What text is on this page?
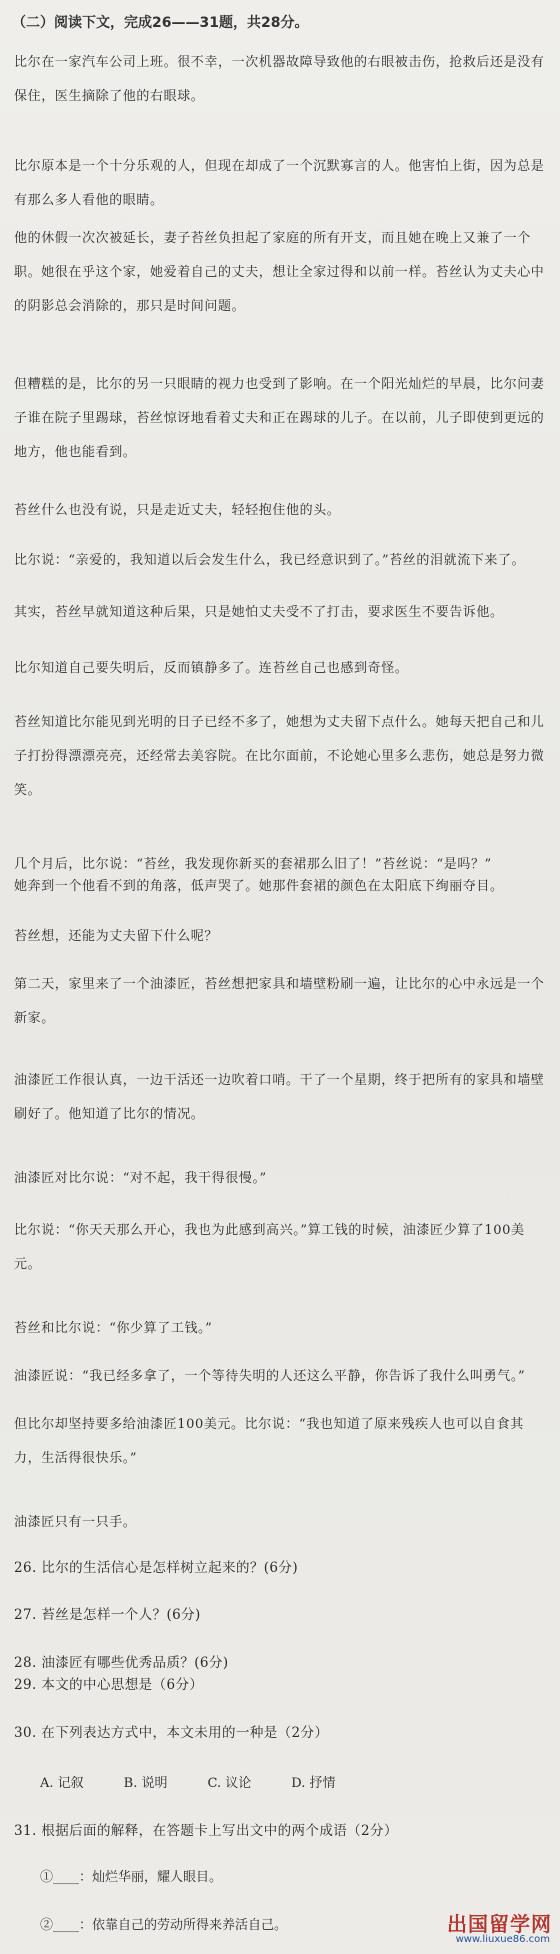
（二）阅读下文，完成26——31题，共28分。
比尔在一家汽车公司上班。很不幸，一次机器故障导致他的右眼被击伤，抢救后还是没有保住，医生摘除了他的右眼球。
比尔原本是一个十分乐观的人，但现在却成了一个沉默寡言的人。他害怕上街，因为总是有那么多人看他的眼睛。
他的休假一次次被延长，妻子苔丝负担起了家庭的所有开支，而且她在晚上又兼了一个职。她很在乎这个家，她爱着自己的丈夫，想让全家过得和以前一样。苔丝认为丈夫心中的阴影总会消除的，那只是时间问题。
但糟糕的是，比尔的另一只眼睛的视力也受到了影响。在一个阳光灿烂的早晨，比尔问妻子谁在院子里踢球，苔丝惊讶地看着丈夫和正在踢球的儿子。在以前，儿子即使到更远的地方，他也能看到。
苔丝什么也没有说，只是走近丈夫，轻轻抱住他的头。
比尔说：“亲爱的，我知道以后会发生什么，我已经意识到了。”苔丝的泪就流下来了。
其实，苔丝早就知道这种后果，只是她怕丈夫受不了打击，要求医生不要告诉他。
比尔知道自己要失明后，反而镇静多了。连苔丝自己也感到奇怪。
苔丝知道比尔能见到光明的日子已经不多了，她想为丈夫留下点什么。她每天把自己和儿子打扮得漂漂亮亮，还经常去美容院。在比尔面前，不论她心里多么悲伤，她总是努力微笑。
几个月后，比尔说：“苔丝，我发现你新买的套裙那么旧了！”苔丝说：“是吗？”
她奔到一个他看不到的角落，低声哭了。她那件套裙的颜色在太阳底下绚丽夺目。
苔丝想，还能为丈夫留下什么呢？
第二天，家里来了一个油漆匠，苔丝想把家具和墙壁粉刷一遍，让比尔的心中永远是一个新家。
油漆匠工作很认真，一边干活还一边吹着口哨。干了一个星期，终于把所有的家具和墙壁刷好了。他知道了比尔的情况。
油漆匠对比尔说：“对不起，我干得很慢。”
比尔说：“你天天那么开心，我也为此感到高兴。”算工钱的时候，油漆匠少算了100美元。
苔丝和比尔说：“你少算了工钱。”
油漆匠说：“我已经多拿了，一个等待失明的人还这么平静，你告诉了我什么叫勇气。”
但比尔却坚持要多给油漆匠100美元。比尔说：“我也知道了原来残疾人也可以自食其力，生活得很快乐。”
油漆匠只有一只手。
26. 比尔的生活信心是怎样树立起来的？(6分)
27. 苔丝是怎样一个人？(6分)
28. 油漆匠有哪些优秀品质？(6分)
29. 本文的中心思想是（6分）
30. 在下列表达方式中，本文未用的一种是（2分）
A. 记叙	B. 说明	C. 议论	D. 抒情
31. 根据后面的解释，在答题卡上写出文中的两个成语（2分）
①____：灿烂华丽，耀人眼目。
②____：依靠自己的劳动所得来养活自己。	出国留学网
www.liuxue86.com
